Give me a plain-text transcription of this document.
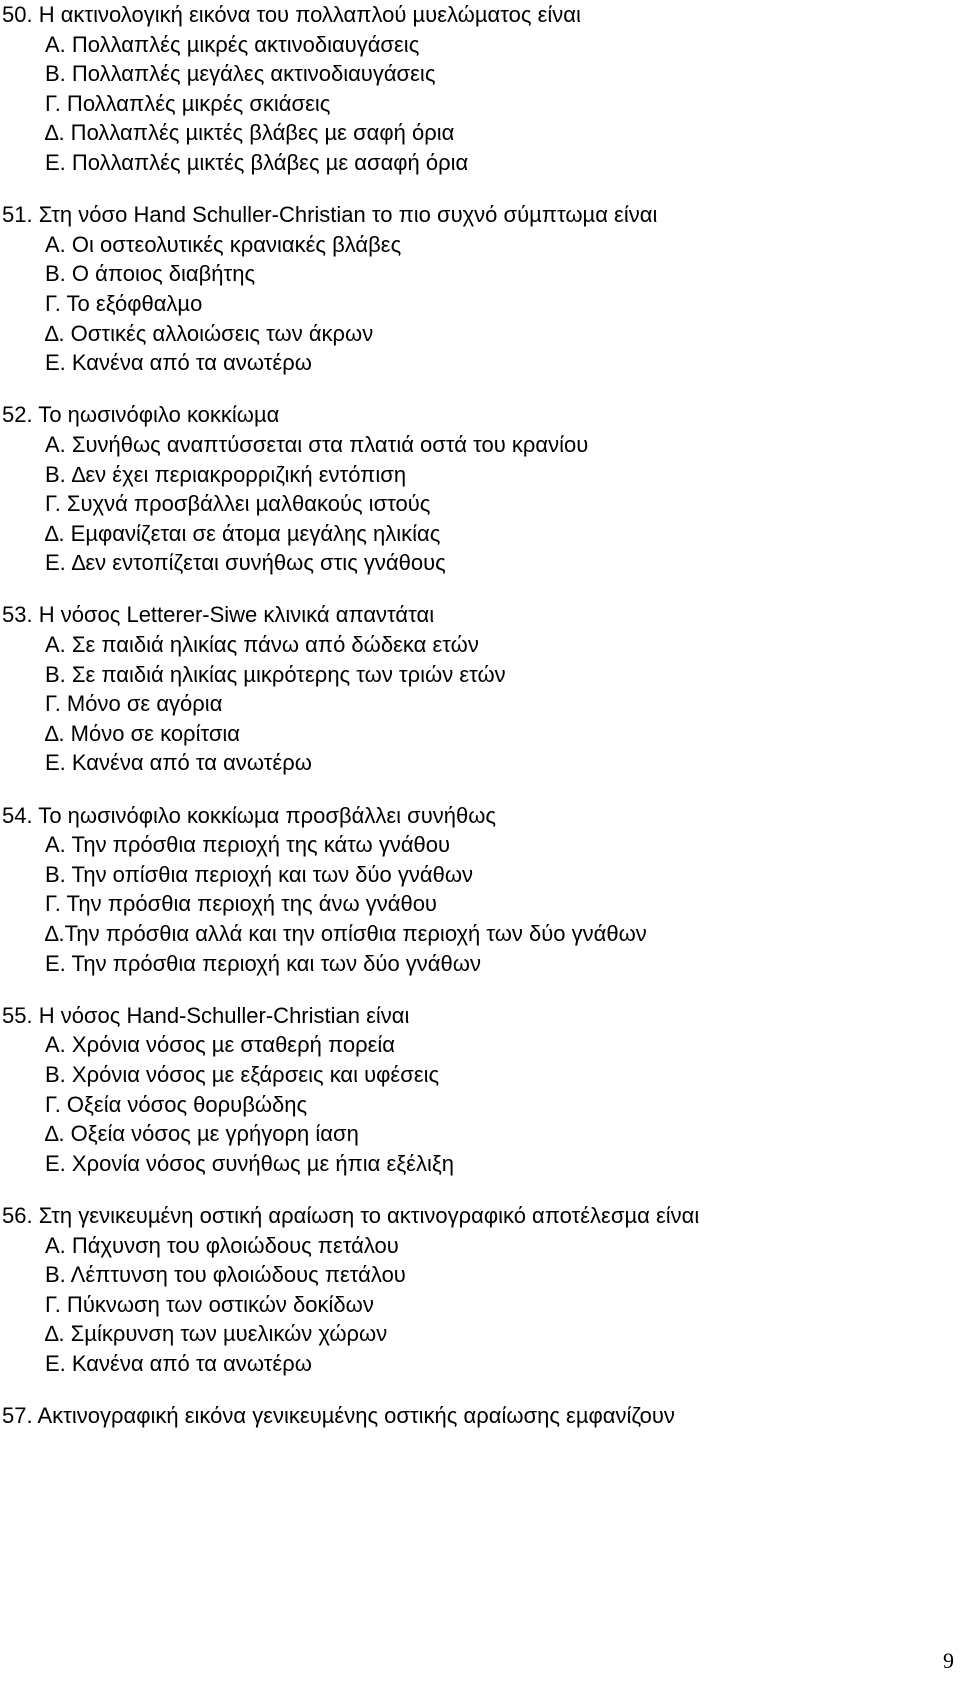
50. Η ακτινολογική εικόνα του πολλαπλού µυελώµατος είναι
Α. Πολλαπλές µικρές ακτινοδιαυγάσεις
Β. Πολλαπλές µεγάλες ακτινοδιαυγάσεις
Γ. Πολλαπλές µικρές σκιάσεις
∆. Πολλαπλές µικτές βλάβες µε σαφή όρια
Ε. Πολλαπλές µικτές βλάβες µε ασαφή όρια
51. Στη νόσο Hand Schuller-Christian το πιο συχνό σύµπτωµα είναι
Α. Οι οστεολυτικές κρανιακές βλάβες
Β. Ο άποιος διαβήτης
Γ. Το εξόφθαλµο
∆. Οστικές αλλοιώσεις των άκρων
Ε. Κανένα από τα ανωτέρω
52. Το ηωσινόφιλο κοκκίωµα
Α. Συνήθως αναπτύσσεται στα πλατιά οστά του κρανίου
Β. ∆εν έχει περιακρορριζική εντόπιση
Γ. Συχνά προσβάλλει µαλθακούς ιστούς
∆. Εµφανίζεται σε άτοµα µεγάλης ηλικίας
Ε. ∆εν εντοπίζεται συνήθως στις γνάθους
53. Η νόσος Letterer-Siwe κλινικά απαντάται
Α. Σε παιδιά ηλικίας πάνω από δώδεκα ετών
Β. Σε παιδιά ηλικίας µικρότερης των τριών ετών
Γ. Μόνο σε αγόρια
∆. Μόνο σε κορίτσια
Ε. Κανένα από τα ανωτέρω
54. Το ηωσινόφιλο κοκκίωµα προσβάλλει συνήθως
Α. Την πρόσθια περιοχή της κάτω γνάθου
Β. Την οπίσθια περιοχή και των δύο γνάθων
Γ. Την πρόσθια περιοχή της άνω γνάθου
∆.Την πρόσθια αλλά και την οπίσθια περιοχή των δύο γνάθων
Ε. Την πρόσθια περιοχή και των δύο γνάθων
55. Η νόσος Hand-Schuller-Christian είναι
Α. Χρόνια νόσος µε σταθερή πορεία
Β. Χρόνια νόσος µε εξάρσεις και υφέσεις
Γ. Οξεία νόσος θορυβώδης
∆. Οξεία νόσος µε γρήγορη ίαση
Ε. Χρονία νόσος συνήθως µε ήπια εξέλιξη
56. Στη γενικευµένη οστική αραίωση το ακτινογραφικό αποτέλεσµα είναι
Α. Πάχυνση του φλοιώδους πετάλου
Β. Λέπτυνση του φλοιώδους πετάλου
Γ. Πύκνωση των οστικών δοκίδων
∆. Σµίκρυνση των µυελικών χώρων
Ε. Κανένα από τα ανωτέρω
57. Ακτινογραφική εικόνα γενικευµένης οστικής αραίωσης εµφανίζουν
9
